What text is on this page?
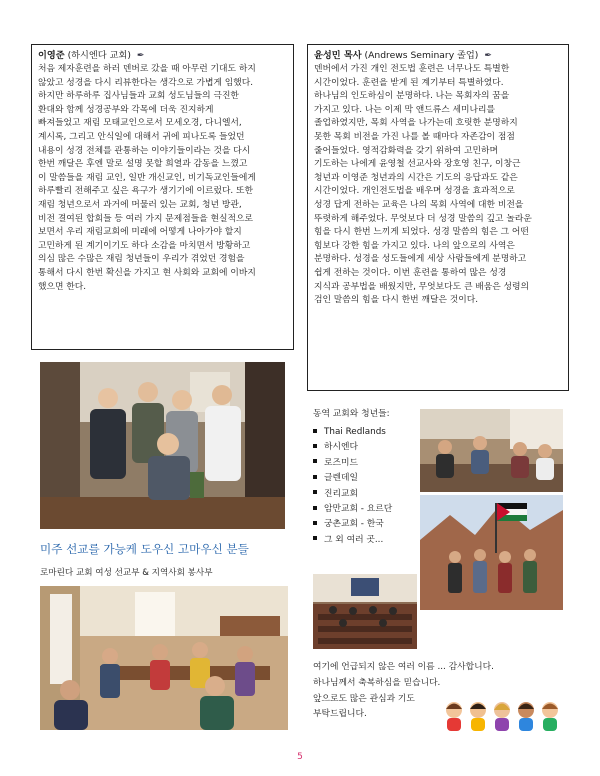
이영준 (하시엔다 교회) ✒
처음 제자훈련을 하러 덴버로 갔을 때 아무런 기대도 하지
않았고 성경을 다시 리뷰한다는 생각으로 가볍게 임했다.
하지만 하루하루 집사님들과 교회 성도님들의 극진한
환대와 함께 성경공부와 각목에 더욱 진지하게
빠져들었고 재림 모태교인으로서 모세오경, 다니엘서,
계시록, 그리고 안식일에 대해서 귀에 피나도록 들었던
내용이 성경 전체를 관통하는 이야기들이라는 것을 다시
한번 깨달은 후엔 말로 설명 못할 희열과 감동을 느꼈고
이 말씀들을 재림 교인, 일반 개신교인, 비기독교인들에게
하루빨리 전해주고 싶은 욕구가 생기기에 이르렀다. 또한
재림 청년으로서 과거에 머물러 있는 교회, 청년 방관,
비전 결여된 합회들 등 여러 가지 문제점들을 현실적으로
보면서 우리 재림교회에 미래에 어떻게 나아가야 할지
고민하게 된 계기이기도 하다 소감을 마치면서 방황하고
의심 많은 수많은 재림 청년들이 우리가 겪었던 경험을
통해서 다시 한번 확신을 가지고 현 사회와 교회에 이바지
했으면 한다.
윤성민 목사 (Andrews Seminary 졸업) ✒
덴버에서 가진 개인 전도법 훈련은 너무나도 특별한
시간이었다. 훈련을 받게 된 계기부터 특별하였다.
하나님의 인도하심이 분명하다. 나는 목회자의 꿈을
가지고 있다. 나는 이제 막 앤드류스 세미나리를
졸업하였지만, 목회 사역을 나가는데 흐릿한 분명하지
못한 목회 비전을 가진 나를 볼 때마다 자존감이 점점
줄어들었다. 영적감화력을 갖기 위하여 고민하며
기도하는 나에게 윤영철 선교사와 장호영 친구, 이창근
청년과 이영준 청년과의 시간은 기도의 응답과도 같은
시간이었다. 개인전도법을 배우며 성경을 효과적으로
성경 답게 전하는 교육은 나의 목회 사역에 대한 비전을
뚜렷하게 해주었다. 무엇보다 더 성경 말씀의 깊고 놀라운
힘을 다시 한번 느끼게 되었다. 성경 말씀의 힘은 그 어떤
힘보다 강한 힘을 가지고 있다. 나의 앞으로의 사역은
분명하다. 성경을 성도들에게 세상 사람들에게 분명하고
쉽게 전하는 것이다. 이번 훈련을 통하여 많은 성경
지식과 공부법을 배웠지만, 무엇보다도 큰 배움은 성령의
검인 말씀의 힘을 다시 한번 깨달은 것이다.
미주 선교를 가능케 도우신 고마우신 분들
로마린다 교회 여성 선교부 & 지역사회 봉사부
동역 교회와 청년들:
Thai Redlands
하시엔다
로즈미드
글렌데일
진리교회
암만교회 - 요르단
궁촌교회 - 한국
그 외 여러 곳...
여기에 언급되지 않은 여러 이름 ... 감사합니다.
하나님께서 축복하심을 믿습니다.
앞으로도 많은 관심과 기도
부탁드립니다.
5
